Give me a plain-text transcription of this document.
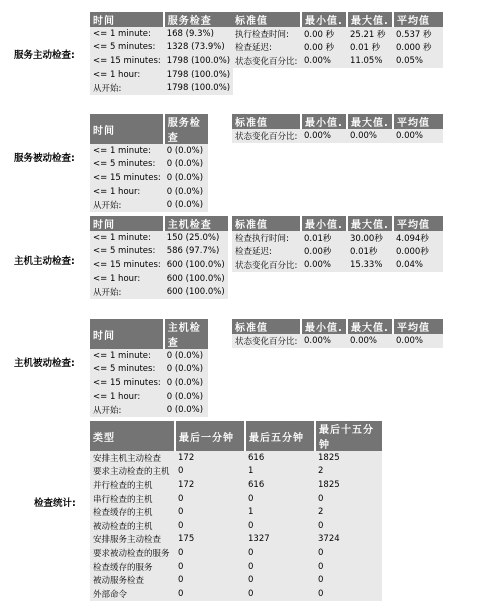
服务主动检查:
时间	服务检查
<= 1 minute:	168 (9.3%)
<= 5 minutes:	1328 (73.9%)
<= 15 minutes:	1798 (100.0%)
<= 1 hour:	1798 (100.0%)
从开始:	1798 (100.0%)
标准值	最小值.	最大值.	平均值
执行检查时间:	0.00 秒	25.21 秒	0.537 秒
检查延迟:	0.00 秒	0.01 秒	0.000 秒
状态变化百分比:	0.00%	11.05%	0.05%
服务被动检查:
时间	服务检查
<= 1 minute:	0 (0.0%)
<= 5 minutes:	0 (0.0%)
<= 15 minutes:	0 (0.0%)
<= 1 hour:	0 (0.0%)
从开始:	0 (0.0%)
标准值	最小值.	最大值.	平均值
状态变化百分比:	0.00%	0.00%	0.00%
主机主动检查:
时间	主机检查
<= 1 minute:	150 (25.0%)
<= 5 minutes:	586 (97.7%)
<= 15 minutes:	600 (100.0%)
<= 1 hour:	600 (100.0%)
从开始:	600 (100.0%)
标准值	最小值.	最大值.	平均值
检查执行时间:	0.01秒	30.00秒	4.094秒
检查延迟:	0.00秒	0.01秒	0.000秒
状态变化百分比:	0.00%	15.33%	0.04%
主机被动检查:
时间	主机检查
<= 1 minute:	0 (0.0%)
<= 5 minutes:	0 (0.0%)
<= 15 minutes:	0 (0.0%)
<= 1 hour:	0 (0.0%)
从开始:	0 (0.0%)
标准值	最小值.	最大值.	平均值
状态变化百分比:	0.00%	0.00%	0.00%
检查统计:
类型	最后一分钟	最后五分钟	最后十五分钟
安排主机主动检查	172	616	1825
要求主动检查的主机	0	1	2
并行检查的主机	172	616	1825
串行检查的主机	0	0	0
检查缓存的主机	0	1	2
被动检查的主机	0	0	0
安排服务主动检查	175	1327	3724
要求被动检查的服务	0	0	0
检查缓存的服务	0	0	0
被动服务检查	0	0	0
外部命令	0	0	0
